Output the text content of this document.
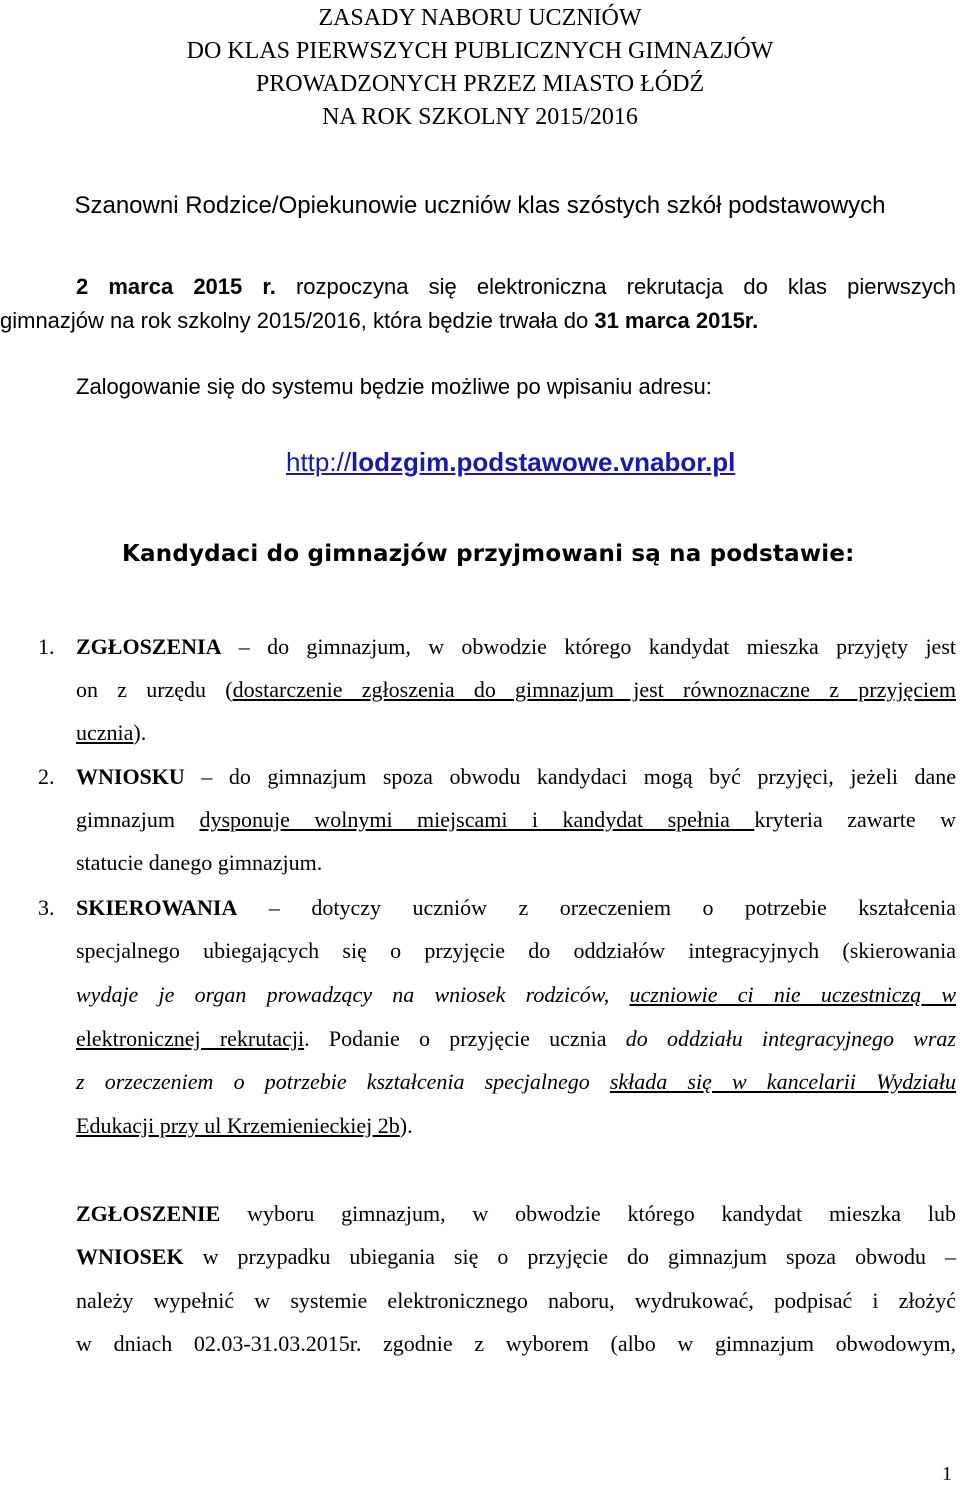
ZASADY NABORU UCZNIÓW
DO KLAS PIERWSZYCH PUBLICZNYCH GIMNAZJÓW
PROWADZONYCH PRZEZ MIASTO ŁÓDŹ
NA ROK SZKOLNY 2015/2016
Szanowni Rodzice/Opiekunowie uczniów klas szóstych szkół podstawowych
2 marca 2015 r. rozpoczyna się elektroniczna rekrutacja do klas pierwszych
gimnazjów na rok szkolny 2015/2016, która będzie trwała do 31 marca 2015r.
Zalogowanie się do systemu będzie możliwe po wpisaniu adresu:
http://lodzgim.podstawowe.vnabor.pl
Kandydaci do gimnazjów przyjmowani są na podstawie:
1. ZGŁOSZENIA – do gimnazjum, w obwodzie którego kandydat mieszka przyjęty jest
on z urzędu (dostarczenie zgłoszenia do gimnazjum jest równoznaczne z przyjęciem
ucznia).
2. WNIOSKU – do gimnazjum spoza obwodu kandydaci mogą być przyjęci, jeżeli dane
gimnazjum dysponuje wolnymi miejscami i kandydat spełnia kryteria zawarte w
statucie danego gimnazjum.
3. SKIEROWANIA – dotyczy uczniów z orzeczeniem o potrzebie kształcenia
specjalnego ubiegających się o przyjęcie do oddziałów integracyjnych (skierowania
wydaje je organ prowadzący na wniosek rodziców, uczniowie ci nie uczestniczą w
elektronicznej rekrutacji. Podanie o przyjęcie ucznia do oddziału integracyjnego wraz
z orzeczeniem o potrzebie kształcenia specjalnego składa się w kancelarii Wydziału
Edukacji przy ul Krzemienieckiej 2b).
ZGŁOSZENIE wyboru gimnazjum, w obwodzie którego kandydat mieszka lub
WNIOSEK w przypadku ubiegania się o przyjęcie do gimnazjum spoza obwodu –
należy wypełnić w systemie elektronicznego naboru, wydrukować, podpisać i złożyć
w dniach 02.03-31.03.2015r. zgodnie z wyborem (albo w gimnazjum obwodowym,
1
